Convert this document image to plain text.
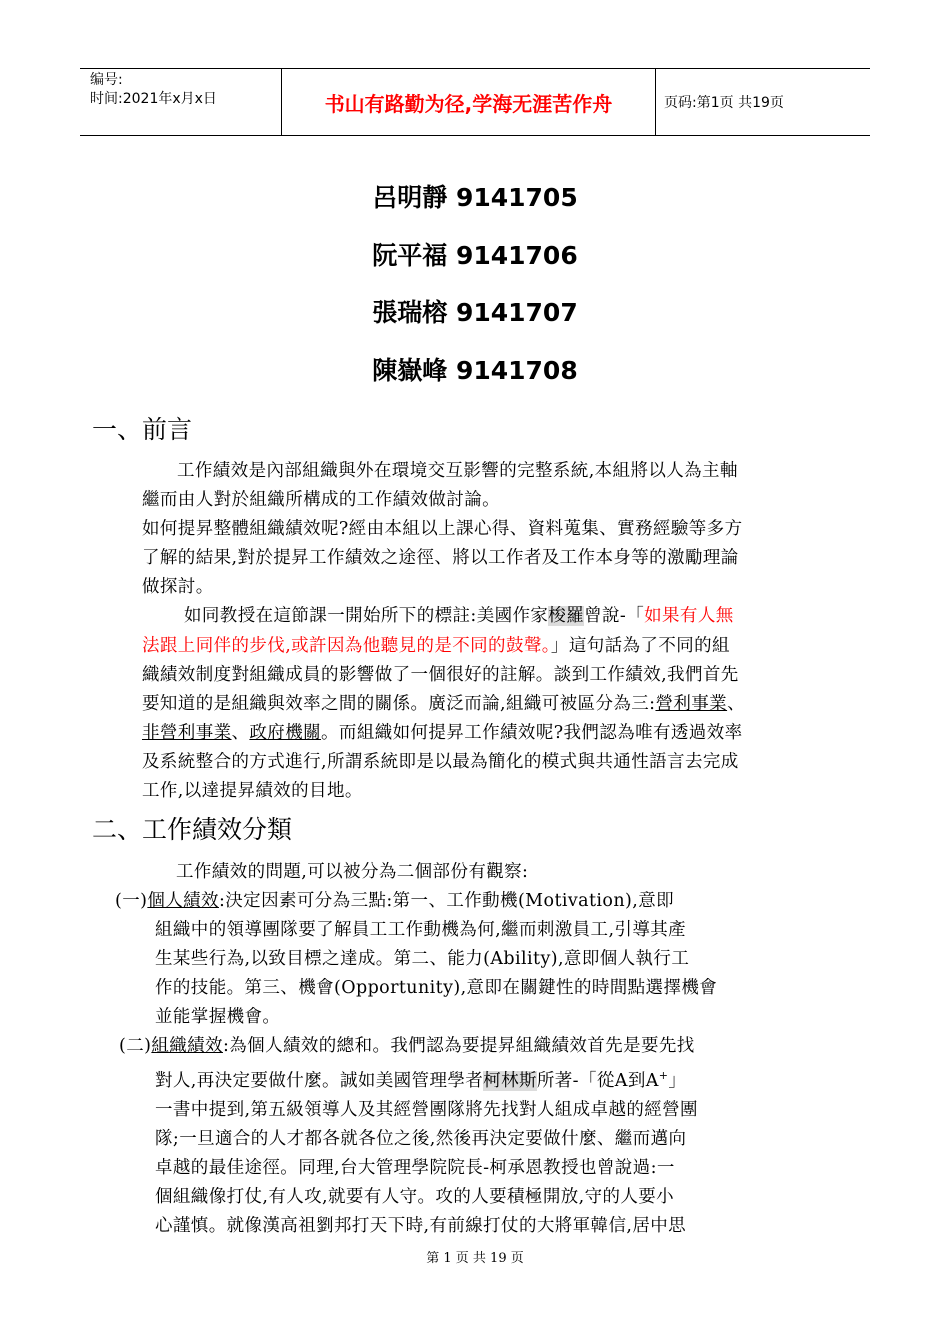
编号:
时间:2021年x月x日	书山有路勤为径,学海无涯苦作舟	页码:第1页 共19页
呂明靜 9141705
阮平福 9141706
張瑞榕 9141707
陳嶽峰 9141708
一、前言
工作績效是內部組織與外在環境交互影響的完整系統,本組將以人為主軸
繼而由人對於組織所構成的工作績效做討論。
如何提昇整體組織績效呢?經由本組以上課心得、資料蒐集、實務經驗等多方
了解的結果,對於提昇工作績效之途徑、將以工作者及工作本身等的激勵理論
做探討。
如同教授在這節課一開始所下的標註:美國作家梭羅曾說-「如果有人無
法跟上同伴的步伐,或許因為他聽見的是不同的鼓聲。」這句話為了不同的組
織績效制度對組織成員的影響做了一個很好的註解。談到工作績效,我們首先
要知道的是組織與效率之間的關係。廣泛而論,組織可被區分為三:營利事業、
非營利事業、政府機關。而組織如何提昇工作績效呢?我們認為唯有透過效率
及系統整合的方式進行,所謂系統即是以最為簡化的模式與共通性語言去完成
工作,以達提昇績效的目地。
二、工作績效分類
工作績效的問題,可以被分為二個部份有觀察:
(一)個人績效:決定因素可分為三點:第一、工作動機(Motivation),意即
組織中的領導團隊要了解員工工作動機為何,繼而刺激員工,引導其產
生某些行為,以致目標之達成。第二、能力(Ability),意即個人執行工
作的技能。第三、機會(Opportunity),意即在關鍵性的時間點選擇機會
並能掌握機會。
(二)組織績效:為個人績效的總和。我們認為要提昇組織績效首先是要先找
對人,再決定要做什麼。誠如美國管理學者柯林斯所著-「從A到A+」
一書中提到,第五級領導人及其經營團隊將先找對人組成卓越的經營團
隊;一旦適合的人才都各就各位之後,然後再決定要做什麼、繼而邁向
卓越的最佳途徑。同理,台大管理學院院長-柯承恩教授也曾說過:一
個組織像打仗,有人攻,就要有人守。攻的人要積極開放,守的人要小
心謹慎。就像漢高祖劉邦打天下時,有前線打仗的大將軍韓信,居中思
第 1 页 共 19 页
